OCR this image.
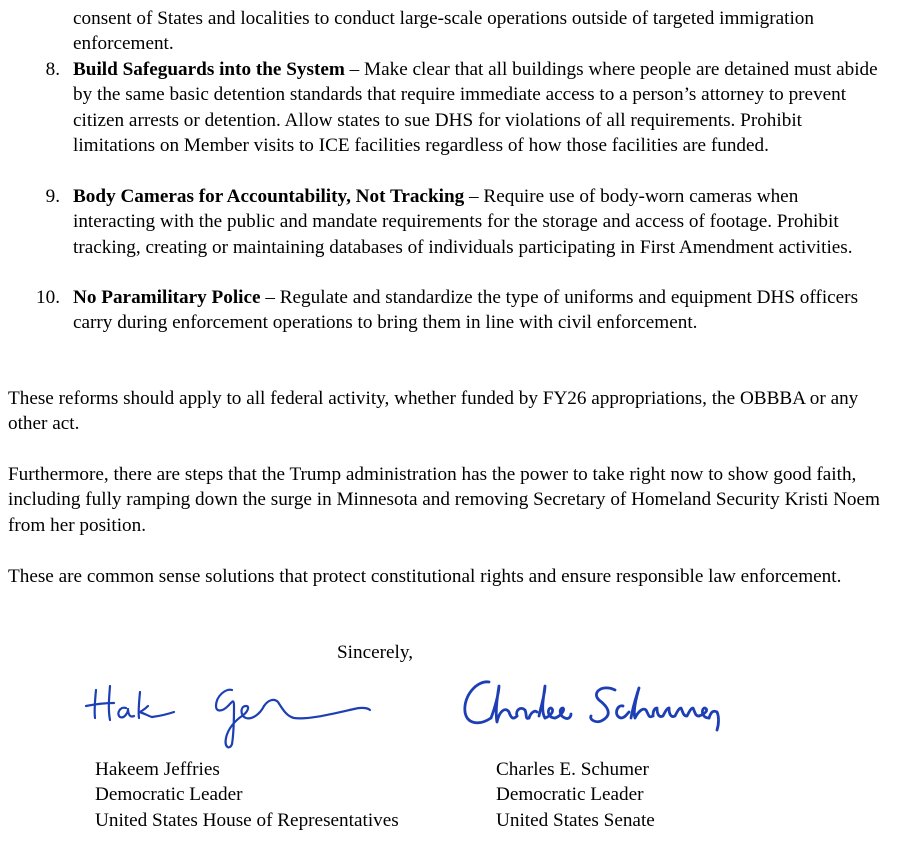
consent of States and localities to conduct large-scale operations outside of targeted immigration enforcement.
8. Build Safeguards into the System – Make clear that all buildings where people are detained must abide by the same basic detention standards that require immediate access to a person’s attorney to prevent citizen arrests or detention. Allow states to sue DHS for violations of all requirements. Prohibit limitations on Member visits to ICE facilities regardless of how those facilities are funded.
9. Body Cameras for Accountability, Not Tracking – Require use of body-worn cameras when interacting with the public and mandate requirements for the storage and access of footage. Prohibit tracking, creating or maintaining databases of individuals participating in First Amendment activities.
10. No Paramilitary Police – Regulate and standardize the type of uniforms and equipment DHS officers carry during enforcement operations to bring them in line with civil enforcement.
These reforms should apply to all federal activity, whether funded by FY26 appropriations, the OBBBA or any other act.
Furthermore, there are steps that the Trump administration has the power to take right now to show good faith, including fully ramping down the surge in Minnesota and removing Secretary of Homeland Security Kristi Noem from her position.
These are common sense solutions that protect constitutional rights and ensure responsible law enforcement.
Sincerely,
Hakeem Jeffries
Democratic Leader
United States House of Representatives
Charles E. Schumer
Democratic Leader
United States Senate
